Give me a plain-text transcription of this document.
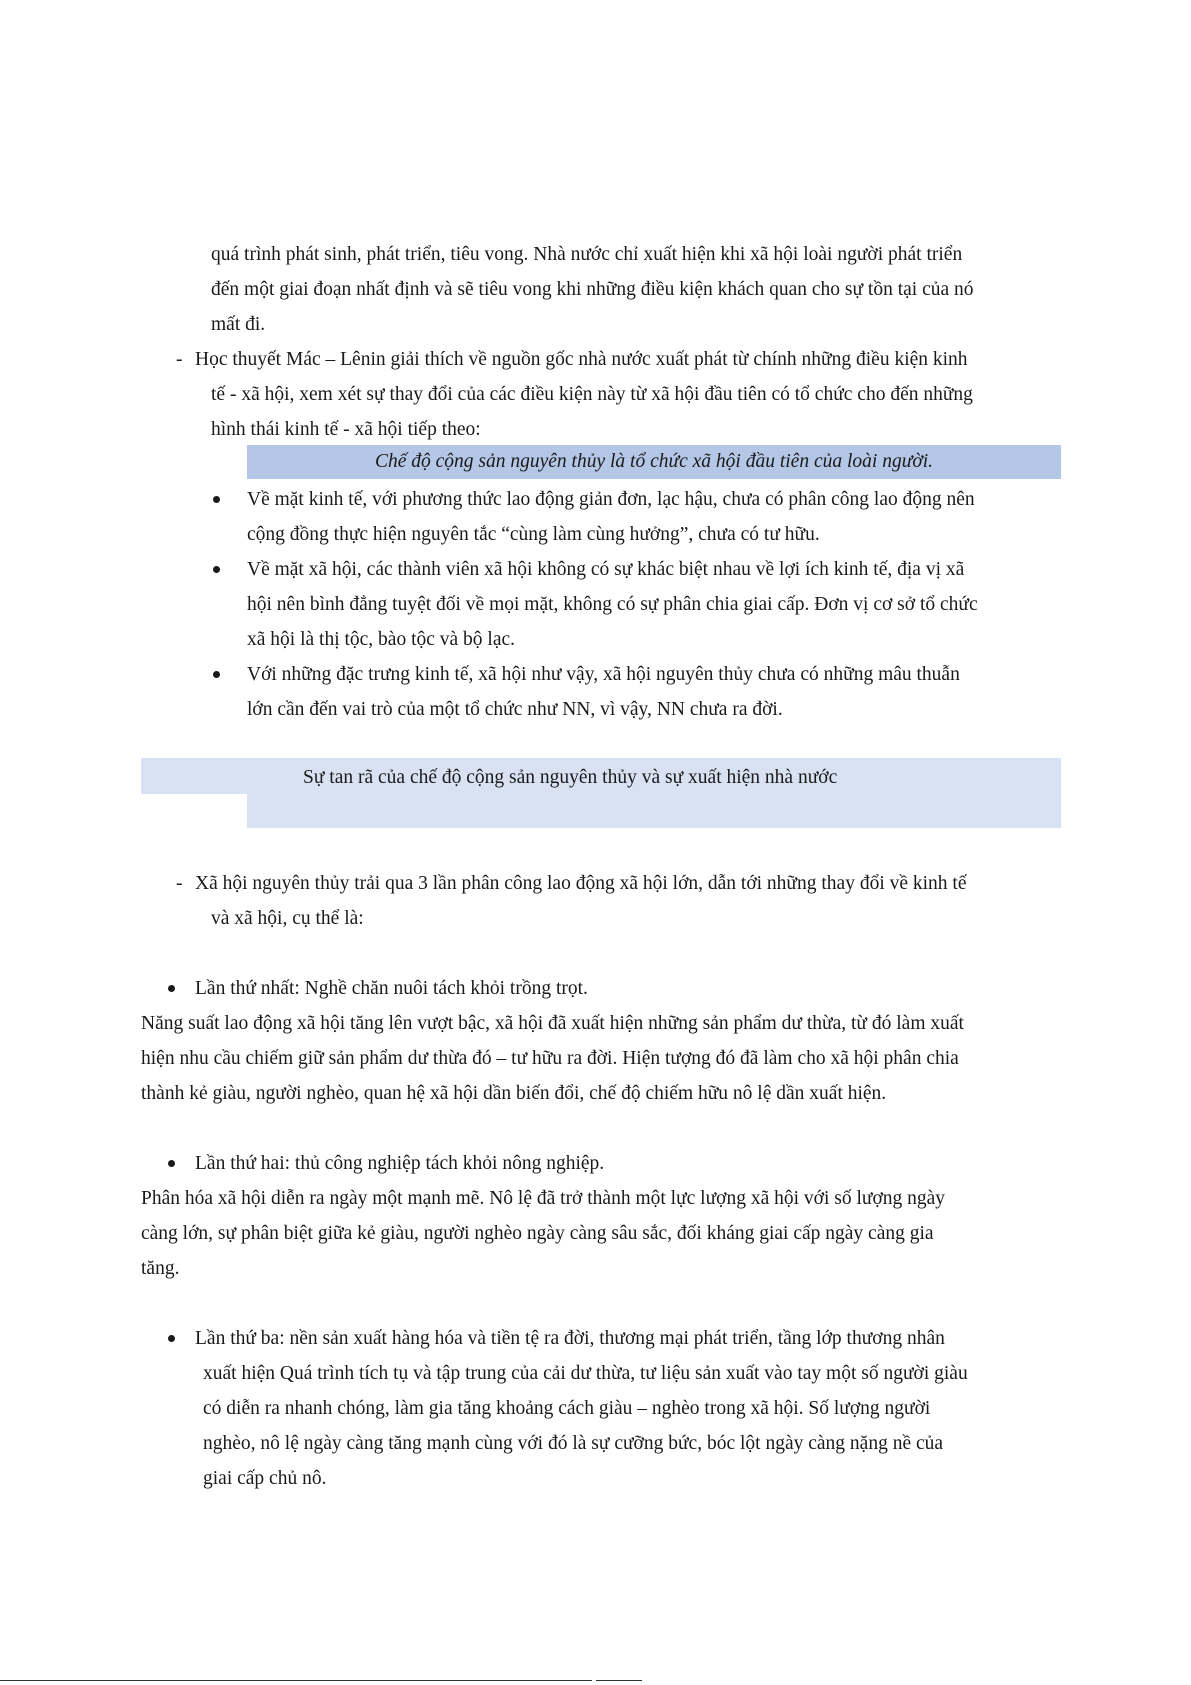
quá trình phát sinh, phát triển, tiêu vong. Nhà nước chỉ xuất hiện khi xã hội loài người phát triển
đến một giai đoạn nhất định và sẽ tiêu vong khi những điều kiện khách quan cho sự tồn tại của nó
mất đi.
- Học thuyết Mác – Lênin giải thích về nguồn gốc nhà nước xuất phát từ chính những điều kiện kinh
tế - xã hội, xem xét sự thay đổi của các điều kiện này từ xã hội đầu tiên có tổ chức cho đến những
hình thái kinh tế - xã hội tiếp theo:
Chế độ cộng sản nguyên thủy là tổ chức xã hội đầu tiên của loài người.
Về mặt kinh tế, với phương thức lao động giản đơn, lạc hậu, chưa có phân công lao động nên
cộng đồng thực hiện nguyên tắc “cùng làm cùng hưởng”, chưa có tư hữu.
Về mặt xã hội, các thành viên xã hội không có sự khác biệt nhau về lợi ích kinh tế, địa vị xã
hội nên bình đẳng tuyệt đối về mọi mặt, không có sự phân chia giai cấp. Đơn vị cơ sở tổ chức
xã hội là thị tộc, bào tộc và bộ lạc.
Với những đặc trưng kinh tế, xã hội như vậy, xã hội nguyên thủy chưa có những mâu thuẫn
lớn cần đến vai trò của một tổ chức như NN, vì vậy, NN chưa ra đời.
Sự tan rã của chế độ cộng sản nguyên thủy và sự xuất hiện nhà nước
- Xã hội nguyên thủy trải qua 3 lần phân công lao động xã hội lớn, dẫn tới những thay đổi về kinh tế
và xã hội, cụ thể là:
Lần thứ nhất: Nghề chăn nuôi tách khỏi trồng trọt.
Năng suất lao động xã hội tăng lên vượt bậc, xã hội đã xuất hiện những sản phẩm dư thừa, từ đó làm xuất
hiện nhu cầu chiếm giữ sản phẩm dư thừa đó – tư hữu ra đời. Hiện tượng đó đã làm cho xã hội phân chia
thành kẻ giàu, người nghèo, quan hệ xã hội dần biến đổi, chế độ chiếm hữu nô lệ dần xuất hiện.
Lần thứ hai: thủ công nghiệp tách khỏi nông nghiệp.
Phân hóa xã hội diễn ra ngày một mạnh mẽ. Nô lệ đã trở thành một lực lượng xã hội với số lượng ngày
càng lớn, sự phân biệt giữa kẻ giàu, người nghèo ngày càng sâu sắc, đối kháng giai cấp ngày càng gia
tăng.
Lần thứ ba: nền sản xuất hàng hóa và tiền tệ ra đời, thương mại phát triển, tầng lớp thương nhân
xuất hiện Quá trình tích tụ và tập trung của cải dư thừa, tư liệu sản xuất vào tay một số người giàu
có diễn ra nhanh chóng, làm gia tăng khoảng cách giàu – nghèo trong xã hội. Số lượng người
nghèo, nô lệ ngày càng tăng mạnh cùng với đó là sự cưỡng bức, bóc lột ngày càng nặng nề của
giai cấp chủ nô.
